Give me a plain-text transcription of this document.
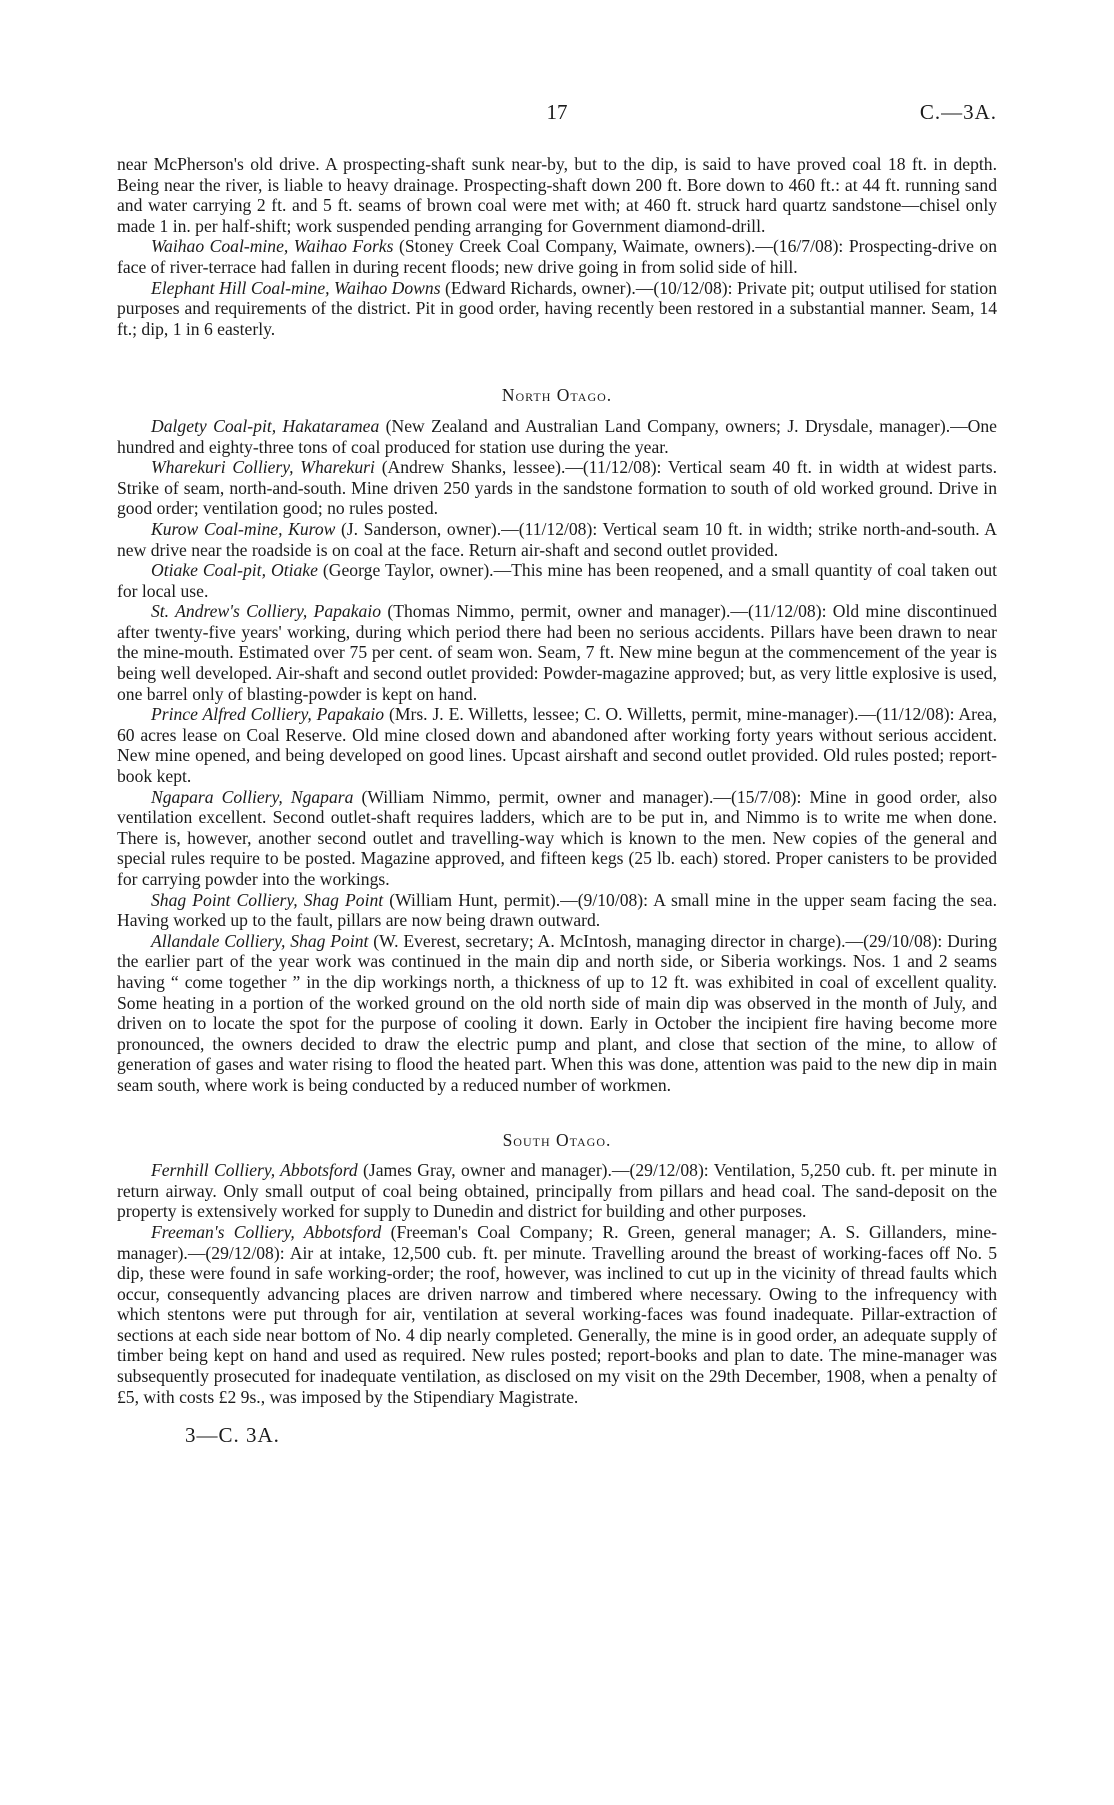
17	C.—3A.

near McPherson's old drive. A prospecting-shaft sunk near-by, but to the dip, is said to have proved coal 18 ft. in depth. Being near the river, is liable to heavy drainage. Prospecting-shaft down 200 ft. Bore down to 460 ft.: at 44 ft. running sand and water carrying 2 ft. and 5 ft. seams of brown coal were met with; at 460 ft. struck hard quartz sandstone—chisel only made 1 in. per half-shift; work suspended pending arranging for Government diamond-drill.

Waihao Coal-mine, Waihao Forks (Stoney Creek Coal Company, Waimate, owners).—(16/7/08): Prospecting-drive on face of river-terrace had fallen in during recent floods; new drive going in from solid side of hill.

Elephant Hill Coal-mine, Waihao Downs (Edward Richards, owner).—(10/12/08): Private pit; output utilised for station purposes and requirements of the district. Pit in good order, having recently been restored in a substantial manner. Seam, 14 ft.; dip, 1 in 6 easterly.

North Otago.

Dalgety Coal-pit, Hakataramea (New Zealand and Australian Land Company, owners; J. Drysdale, manager).—One hundred and eighty-three tons of coal produced for station use during the year.

Wharekuri Colliery, Wharekuri (Andrew Shanks, lessee).—(11/12/08): Vertical seam 40 ft. in width at widest parts. Strike of seam, north-and-south. Mine driven 250 yards in the sandstone formation to south of old worked ground. Drive in good order; ventilation good; no rules posted.

Kurow Coal-mine, Kurow (J. Sanderson, owner).—(11/12/08): Vertical seam 10 ft. in width; strike north-and-south. A new drive near the roadside is on coal at the face. Return air-shaft and second outlet provided.

Otiake Coal-pit, Otiake (George Taylor, owner).—This mine has been reopened, and a small quantity of coal taken out for local use.

St. Andrew's Colliery, Papakaio (Thomas Nimmo, permit, owner and manager).—(11/12/08): Old mine discontinued after twenty-five years' working, during which period there had been no serious accidents. Pillars have been drawn to near the mine-mouth. Estimated over 75 per cent. of seam won. Seam, 7 ft. New mine begun at the commencement of the year is being well developed. Air-shaft and second outlet provided: Powder-magazine approved; but, as very little explosive is used, one barrel only of blasting-powder is kept on hand.

Prince Alfred Colliery, Papakaio (Mrs. J. E. Willetts, lessee; C. O. Willetts, permit, mine-manager).—(11/12/08): Area, 60 acres lease on Coal Reserve. Old mine closed down and abandoned after working forty years without serious accident. New mine opened, and being developed on good lines. Upcast airshaft and second outlet provided. Old rules posted; report-book kept.

Ngapara Colliery, Ngapara (William Nimmo, permit, owner and manager).—(15/7/08): Mine in good order, also ventilation excellent. Second outlet-shaft requires ladders, which are to be put in, and Nimmo is to write me when done. There is, however, another second outlet and travelling-way which is known to the men. New copies of the general and special rules require to be posted. Magazine approved, and fifteen kegs (25 lb. each) stored. Proper canisters to be provided for carrying powder into the workings.

Shag Point Colliery, Shag Point (William Hunt, permit).—(9/10/08): A small mine in the upper seam facing the sea. Having worked up to the fault, pillars are now being drawn outward.

Allandale Colliery, Shag Point (W. Everest, secretary; A. McIntosh, managing director in charge).—(29/10/08): During the earlier part of the year work was continued in the main dip and north side, or Siberia workings. Nos. 1 and 2 seams having “ come together ” in the dip workings north, a thickness of up to 12 ft. was exhibited in coal of excellent quality. Some heating in a portion of the worked ground on the old north side of main dip was observed in the month of July, and driven on to locate the spot for the purpose of cooling it down. Early in October the incipient fire having become more pronounced, the owners decided to draw the electric pump and plant, and close that section of the mine, to allow of generation of gases and water rising to flood the heated part. When this was done, attention was paid to the new dip in main seam south, where work is being conducted by a reduced number of workmen.

South Otago.

Fernhill Colliery, Abbotsford (James Gray, owner and manager).—(29/12/08): Ventilation, 5,250 cub. ft. per minute in return airway. Only small output of coal being obtained, principally from pillars and head coal. The sand-deposit on the property is extensively worked for supply to Dunedin and district for building and other purposes.

Freeman's Colliery, Abbotsford (Freeman's Coal Company; R. Green, general manager; A. S. Gillanders, mine-manager).—(29/12/08): Air at intake, 12,500 cub. ft. per minute. Travelling around the breast of working-faces off No. 5 dip, these were found in safe working-order; the roof, however, was inclined to cut up in the vicinity of thread faults which occur, consequently advancing places are driven narrow and timbered where necessary. Owing to the infrequency with which stentons were put through for air, ventilation at several working-faces was found inadequate. Pillar-extraction of sections at each side near bottom of No. 4 dip nearly completed. Generally, the mine is in good order, an adequate supply of timber being kept on hand and used as required. New rules posted; report-books and plan to date. The mine-manager was subsequently prosecuted for inadequate ventilation, as disclosed on my visit on the 29th December, 1908, when a penalty of £5, with costs £2 9s., was imposed by the Stipendiary Magistrate.

3—C. 3A.
